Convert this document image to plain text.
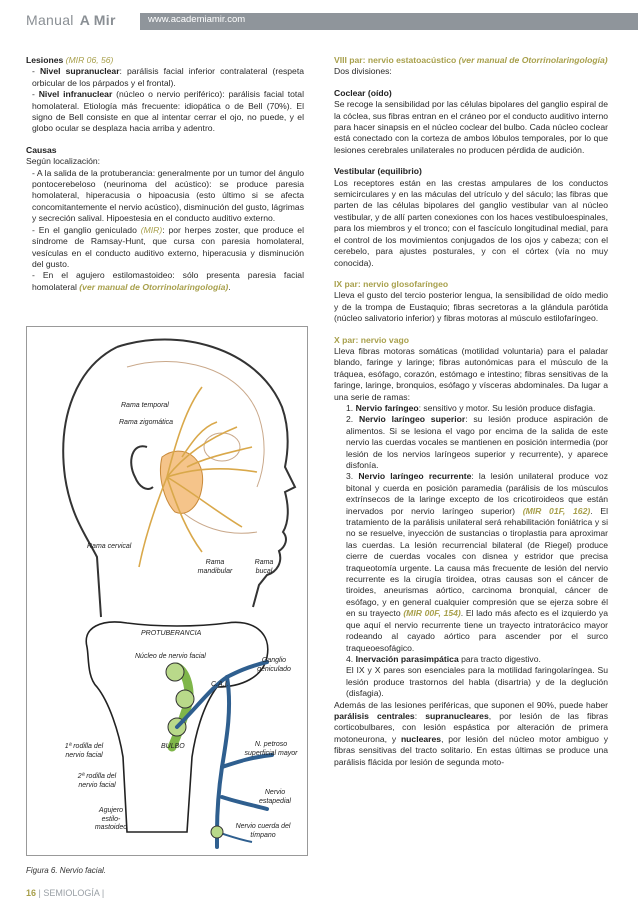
Manual A Mir	www.academiamir.com
Lesiones (MIR 06, 56)
- Nivel supranuclear: parálisis facial inferior contralateral (respeta orbicular de los párpados y el frontal).
- Nivel infranuclear (núcleo o nervio periférico): parálisis facial total homolateral. Etiología más frecuente: idiopática o de Bell (70%). El signo de Bell consiste en que al intentar cerrar el ojo, no puede, y el globo ocular se desplaza hacia arriba y adentro.
Causas
Según localización:
- A la salida de la protuberancia: generalmente por un tumor del ángulo pontocerebeloso (neurinoma del acústico): se produce paresia homolateral, hiperacusia o hipoacusia (esto último si se afecta concomitantemente el nervio acústico), disminución del gusto, lágrimas y secreción salival. Hipoestesia en el conducto auditivo externo.
- En el ganglio geniculado (MIR): por herpes zoster, que produce el síndrome de Ramsay-Hunt, que cursa con paresia homolateral, vesículas en el conducto auditivo externo, hiperacusia y disminución del gusto.
- En el agujero estilomastoideo: sólo presenta paresia facial homolateral (ver manual de Otorrinolaringología).
Rama temporal
Rama zigomática
Rama cervical
Rama mandibular
Rama bucal
PROTUBERANCIA
Núcleo de nervio facial
Ganglio geniculado
C.A.I.
BULBO
1ª rodilla del nervio facial
2ª rodilla del nervio facial
N. petroso superficial mayor
Nervio estapedial
Agujero estilo-mastoideo	Nervio cuerda del tímpano
Figura 6. Nervio facial.
VIII par: nervio estatoacústico (ver manual de Otorrinolaringología)
Dos divisiones:
Coclear (oído)
Se recoge la sensibilidad por las células bipolares del ganglio espiral de la cóclea, sus fibras entran en el cráneo por el conducto auditivo interno para hacer sinapsis en el núcleo coclear del bulbo. Cada núcleo coclear está conectado con la corteza de ambos lóbulos temporales, por lo que lesiones cerebrales unilaterales no producen pérdida de audición.
Vestibular (equilibrio)
Los receptores están en las crestas ampulares de los conductos semicirculares y en las máculas del utrículo y del sáculo; las fibras que parten de las células bipolares del ganglio vestibular van al núcleo vestibular, y de allí parten conexiones con los haces vestibuloespinales, para los miembros y el tronco; con el fascículo longitudinal medial, para el control de los movimientos conjugados de los ojos y cabeza; con el cerebelo, para ajustes posturales, y con el córtex (vía no muy conocida).
IX par: nervio glosofaríngeo
Lleva el gusto del tercio posterior lengua, la sensibilidad de oído medio y de la trompa de Eustaquio; fibras secretoras a la glándula parótida (núcleo salivatorio inferior) y fibras motoras al músculo estilofaríngeo.
X par: nervio vago
Lleva fibras motoras somáticas (motilidad voluntaria) para el paladar blando, faringe y laringe; fibras autonómicas para el músculo de la tráquea, esófago, corazón, estómago e intestino; fibras sensitivas de la faringe, laringe, bronquios, esófago y vísceras abdominales. Da lugar a una serie de ramas:
1. Nervio faríngeo: sensitivo y motor. Su lesión produce disfagia.
2. Nervio laríngeo superior: su lesión produce aspiración de alimentos. Si se lesiona el vago por encima de la salida de este nervio las cuerdas vocales se mantienen en posición intermedia (por lesión de los nervios laríngeos superior y recurrente), y aparece disfonía.
3. Nervio laríngeo recurrente: la lesión unilateral produce voz bitonal y cuerda en posición paramedia (parálisis de los músculos extrínsecos de la laringe excepto de los cricotiroideos que están inervados por nervio laríngeo superior) (MIR 01F, 162). El tratamiento de la parálisis unilateral será rehabilitación foniátrica y si no se resuelve, inyección de sustancias o tiroplastia para aproximar las cuerdas. La lesión recurrencial bilateral (de Riegel) produce cierre de cuerdas vocales con disnea y estridor que precisa traqueotomía urgente. La causa más frecuente de lesión del nervio recurrente es la cirugía tiroidea, otras causas son el cáncer de tiroides, aneurismas aórtico, carcinoma bronquial, cáncer de esófago, y en general cualquier compresión que se ejerza sobre él en su trayecto (MIR 00F, 154). El lado más afecto es el izquierdo ya que aquí el nervio recurrente tiene un trayecto intratorácico mayor rodeando al cayado aórtico para ascender por el surco traqueoesofágico.
4. Inervación parasimpática para tracto digestivo.
El IX y X pares son esenciales para la motilidad faringolaríngea. Su lesión produce trastornos del habla (disartria) y de la deglución (disfagia).
Además de las lesiones periféricas, que suponen el 90%, puede haber parálisis centrales: supranucleares, por lesión de las fibras corticobulbares, con lesión espástica por alteración de primera motoneurona, y nucleares, por lesión del núcleo motor ambiguo y fibras sensitivas del tracto solitario. En estas últimas se produce una parálisis flácida por lesión de segunda moto-
16 | SEMIOLOGÍA |
